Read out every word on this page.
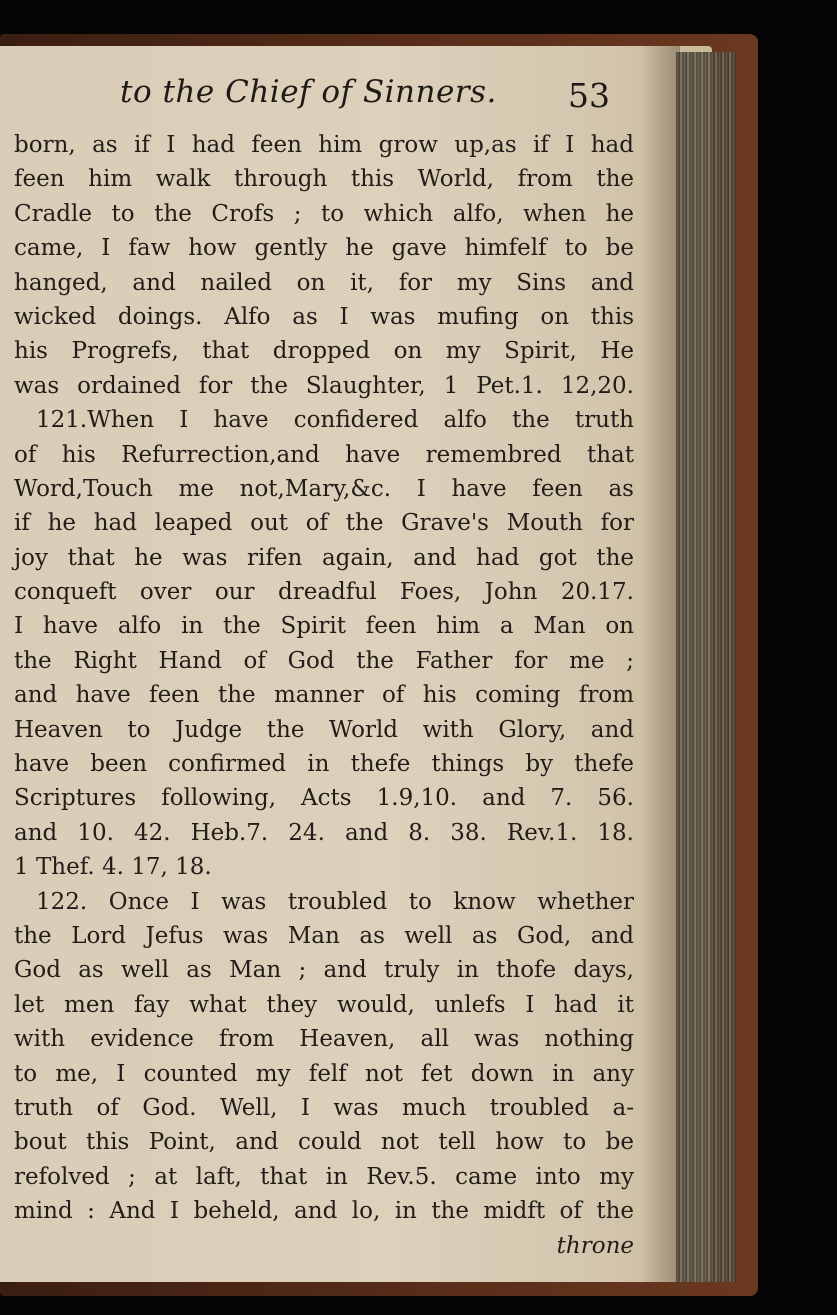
to the Chief of Sinners. 53
born, as if I had feen him grow up,as if I had
feen him walk through this World, from the
Cradle to the Crofs ; to which alfo, when he
came, I faw how gently he gave himfelf to be
hanged, and nailed on it, for my Sins and
wicked doings. Alfo as I was mufing on this
his Progrefs, that dropped on my Spirit, He
was ordained for the Slaughter, 1 Pet.1. 12,20.
121.When I have confidered alfo the truth
of his Refurrection,and have remembred that
Word,Touch me not,Mary,&c. I have feen as
if he had leaped out of the Grave's Mouth for
joy that he was rifen again, and had got the
conqueft over our dreadful Foes, John 20.17.
I have alfo in the Spirit feen him a Man on
the Right Hand of God the Father for me ;
and have feen the manner of his coming from
Heaven to Judge the World with Glory, and
have been confirmed in thefe things by thefe
Scriptures following, Acts 1.9,10. and 7. 56.
and 10. 42. Heb.7. 24. and 8. 38. Rev.1. 18.
1 Thef. 4. 17, 18.
122. Once I was troubled to know whether
the Lord Jefus was Man as well as God, and
God as well as Man ; and truly in thofe days,
let men fay what they would, unlefs I had it
with evidence from Heaven, all was nothing
to me, I counted my felf not fet down in any
truth of God. Well, I was much troubled a-
bout this Point, and could not tell how to be
refolved ; at laft, that in Rev.5. came into my
mind : And I beheld, and lo, in the midft of the
throne
